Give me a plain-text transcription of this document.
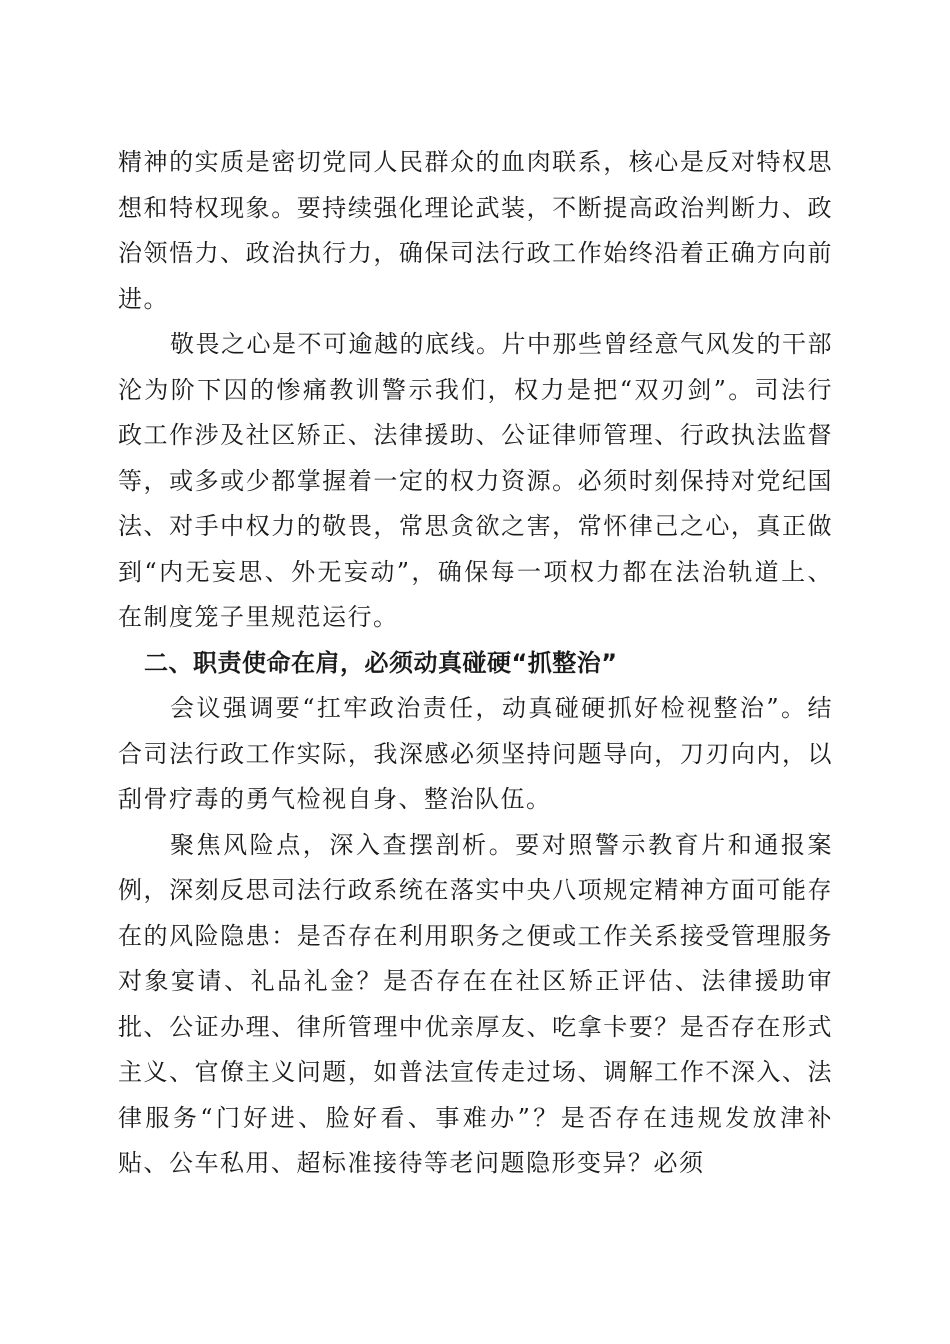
精神的实质是密切党同人民群众的血肉联系，核心是反对特权思想和特权现象。要持续强化理论武装，不断提高政治判断力、政治领悟力、政治执行力，确保司法行政工作始终沿着正确方向前进。

敬畏之心是不可逾越的底线。片中那些曾经意气风发的干部沦为阶下囚的惨痛教训警示我们，权力是把“双刃剑”。司法行政工作涉及社区矫正、法律援助、公证律师管理、行政执法监督等，或多或少都掌握着一定的权力资源。必须时刻保持对党纪国法、对手中权力的敬畏，常思贪欲之害，常怀律己之心，真正做到“内无妄思、外无妄动”，确保每一项权力都在法治轨道上、在制度笼子里规范运行。

二、职责使命在肩，必须动真碰硬“抓整治”

会议强调要“扛牢政治责任，动真碰硬抓好检视整治”。结合司法行政工作实际，我深感必须坚持问题导向，刀刃向内，以刮骨疗毒的勇气检视自身、整治队伍。

聚焦风险点，深入查摆剖析。要对照警示教育片和通报案例，深刻反思司法行政系统在落实中央八项规定精神方面可能存在的风险隐患：是否存在利用职务之便或工作关系接受管理服务对象宴请、礼品礼金？是否存在在社区矫正评估、法律援助审批、公证办理、律所管理中优亲厚友、吃拿卡要？是否存在形式主义、官僚主义问题，如普法宣传走过场、调解工作不深入、法律服务“门好进、脸好看、事难办”？是否存在违规发放津补贴、公车私用、超标准接待等老问题隐形变异？必须
